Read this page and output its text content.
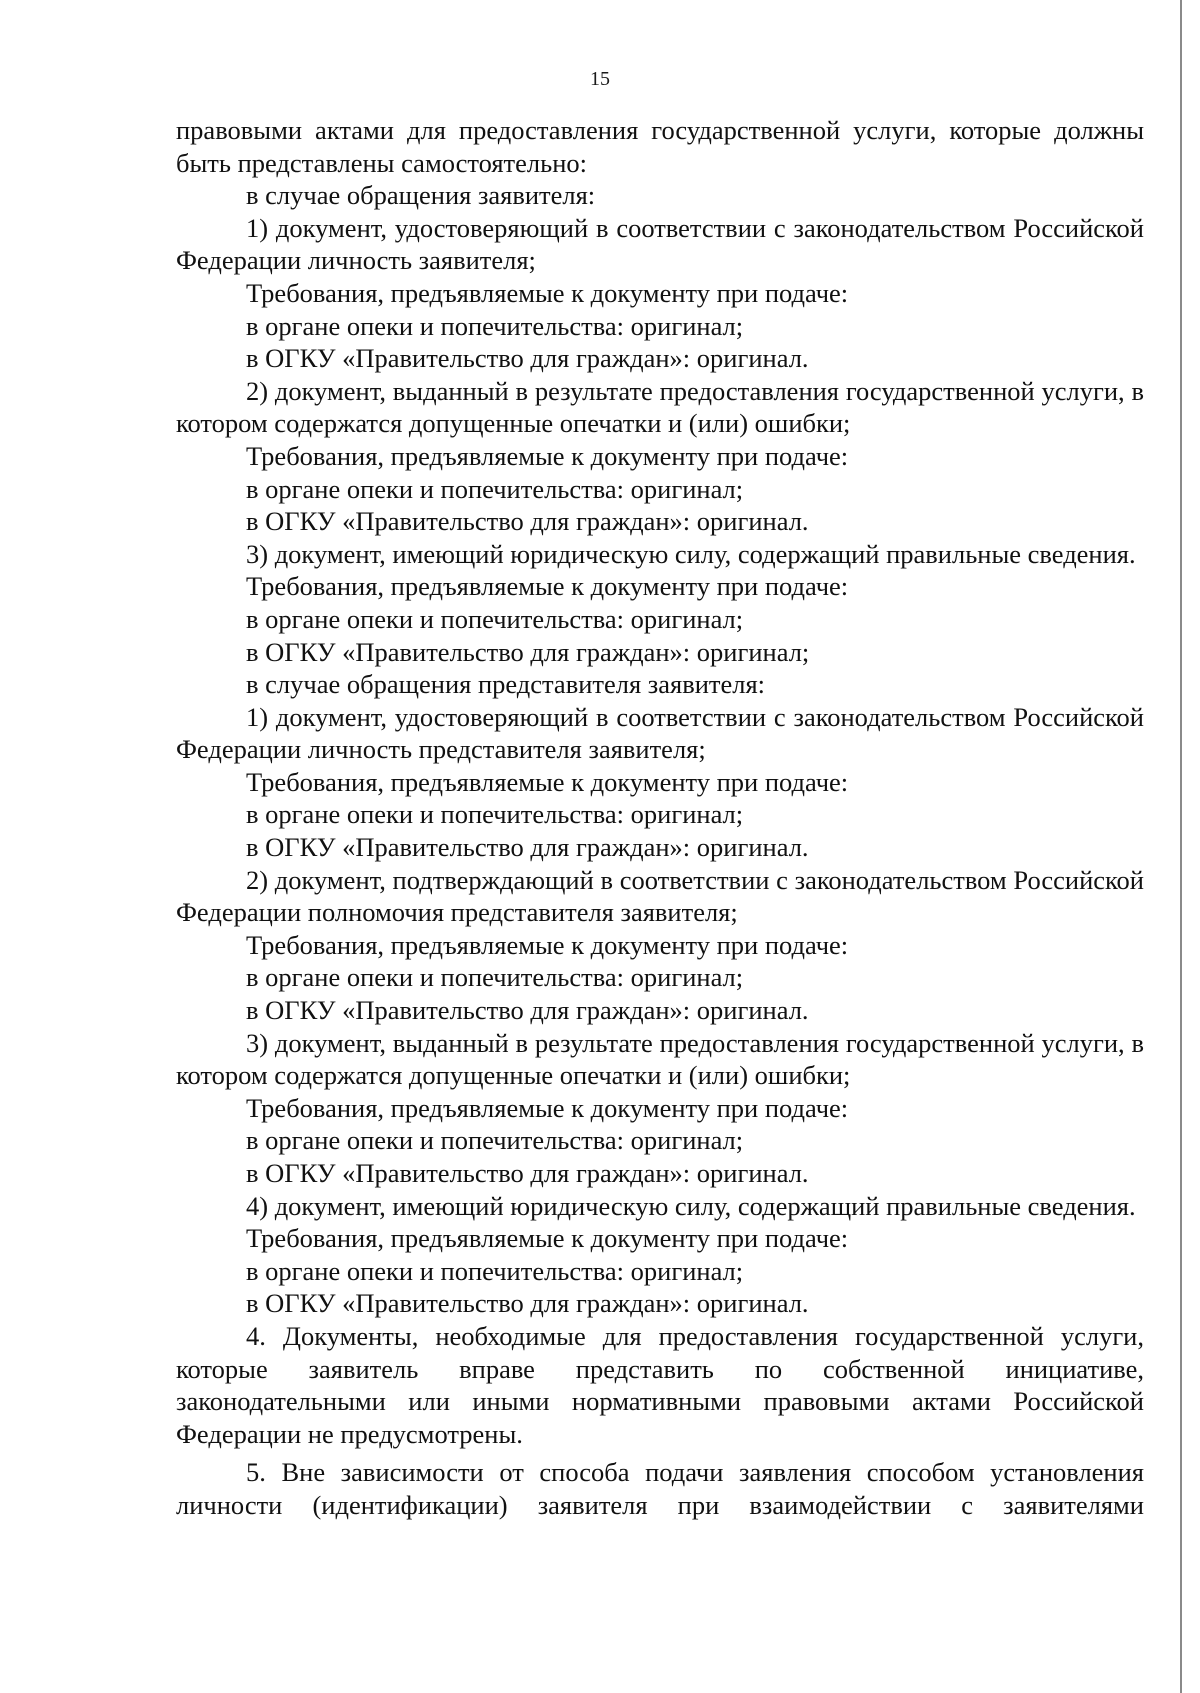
15

правовыми актами для предоставления государственной услуги, которые должны быть представлены самостоятельно:

в случае обращения заявителя:

1) документ, удостоверяющий в соответствии с законодательством Российской Федерации личность заявителя;

Требования, предъявляемые к документу при подаче:

в органе опеки и попечительства: оригинал;

в ОГКУ «Правительство для граждан»: оригинал.

2) документ, выданный в результате предоставления государственной услуги, в котором содержатся допущенные опечатки и (или) ошибки;

Требования, предъявляемые к документу при подаче:

в органе опеки и попечительства: оригинал;

в ОГКУ «Правительство для граждан»: оригинал.

3) документ, имеющий юридическую силу, содержащий правильные сведения.

Требования, предъявляемые к документу при подаче:

в органе опеки и попечительства: оригинал;

в ОГКУ «Правительство для граждан»: оригинал;

в случае обращения представителя заявителя:

1) документ, удостоверяющий в соответствии с законодательством Российской Федерации личность представителя заявителя;

Требования, предъявляемые к документу при подаче:

в органе опеки и попечительства: оригинал;

в ОГКУ «Правительство для граждан»: оригинал.

2) документ, подтверждающий в соответствии с законодательством Российской Федерации полномочия представителя заявителя;

Требования, предъявляемые к документу при подаче:

в органе опеки и попечительства: оригинал;

в ОГКУ «Правительство для граждан»: оригинал.

3) документ, выданный в результате предоставления государственной услуги, в котором содержатся допущенные опечатки и (или) ошибки;

Требования, предъявляемые к документу при подаче:

в органе опеки и попечительства: оригинал;

в ОГКУ «Правительство для граждан»: оригинал.

4) документ, имеющий юридическую силу, содержащий правильные сведения.

Требования, предъявляемые к документу при подаче:

в органе опеки и попечительства: оригинал;

в ОГКУ «Правительство для граждан»: оригинал.

4. Документы, необходимые для предоставления государственной услуги, которые заявитель вправе представить по собственной инициативе, законодательными или иными нормативными правовыми актами Российской Федерации не предусмотрены.

5. Вне зависимости от способа подачи заявления способом установления личности (идентификации) заявителя при взаимодействии с заявителями
